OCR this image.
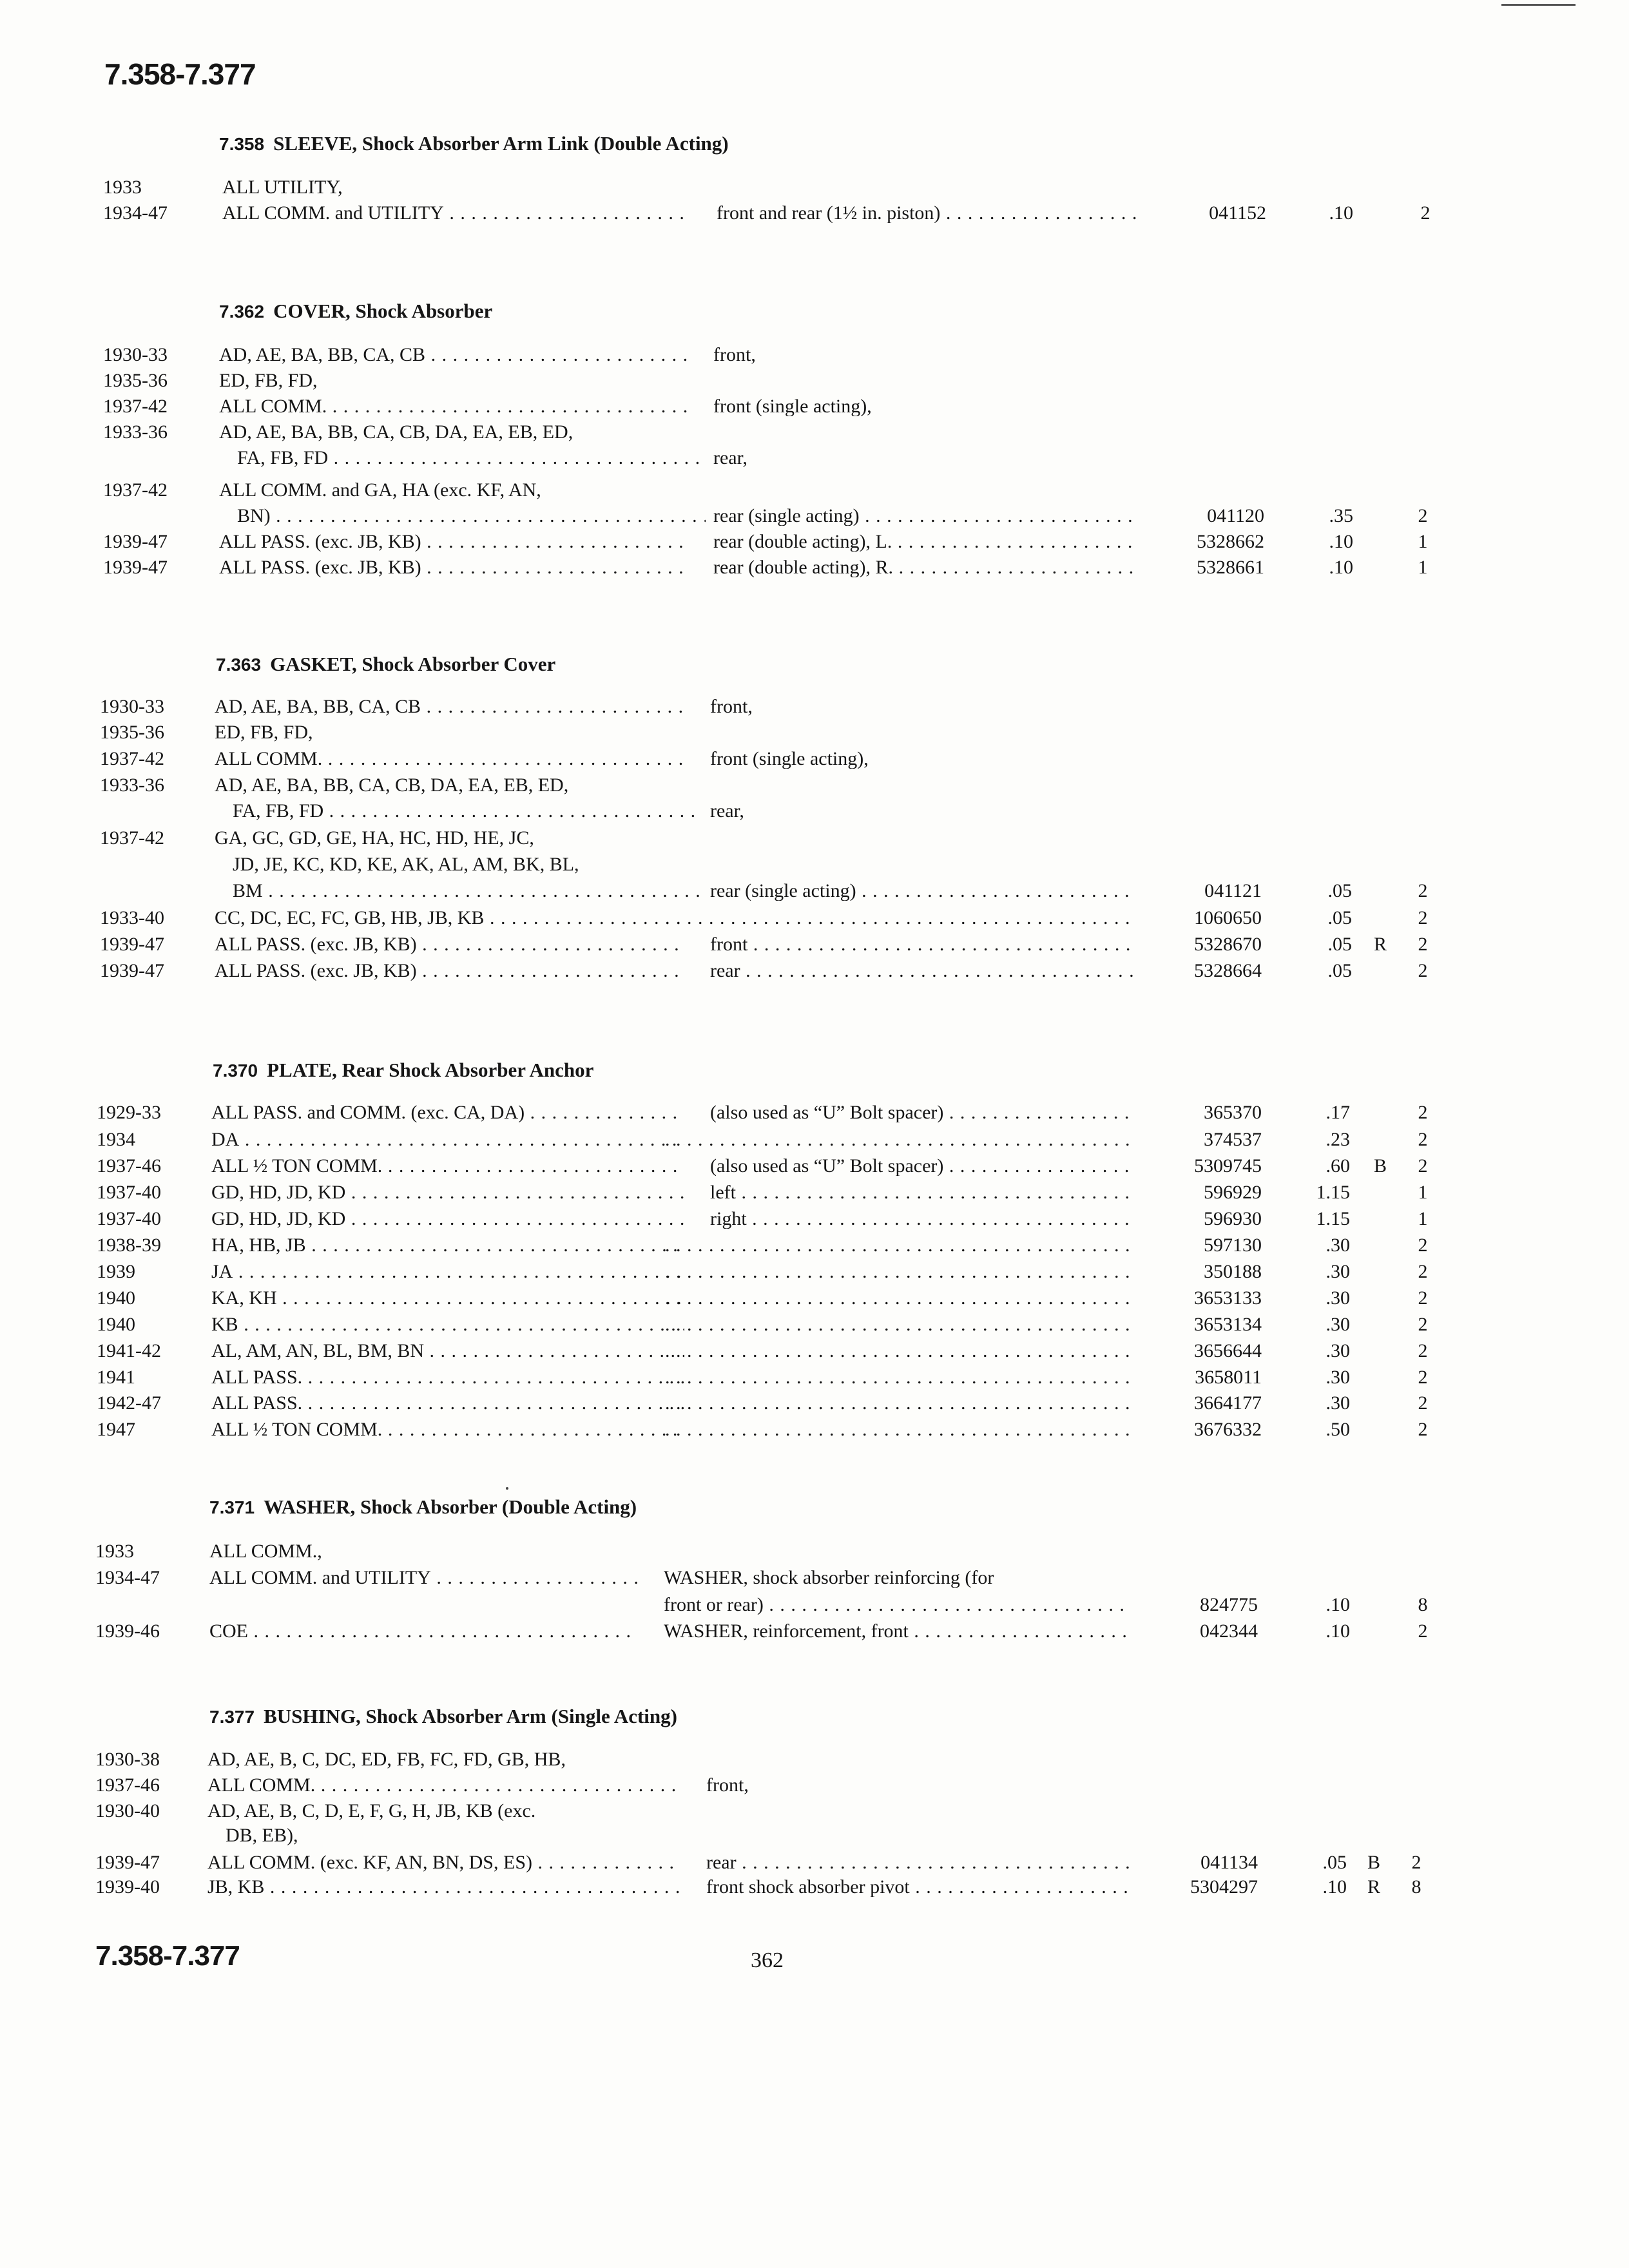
7.358-7.377
7.358 SLEEVE, Shock Absorber Arm Link (Double Acting)
1933	ALL UTILITY,
1934-47	ALL COMM. and UTILITY . . .	front and rear (1½ in. piston) . . .	041152	.10	2
7.362 COVER, Shock Absorber
1930-33	AD, AE, BA, BB, CA, CB . . .	front,
1935-36	ED, FB, FD,
1937-42	ALL COMM. . . .	front (single acting),
1933-36	AD, AE, BA, BB, CA, CB, DA, EA, EB, ED,
FA, FB, FD . . .	rear,
1937-42	ALL COMM. and GA, HA (exc. KF, AN,
BN) . . .	rear (single acting) . . .	041120	.35	2
1939-47	ALL PASS. (exc. JB, KB) . . .	rear (double acting), L. . . .	5328662	.10	1
1939-47	ALL PASS. (exc. JB, KB) . . .	rear (double acting), R. . . .	5328661	.10	1
7.363 GASKET, Shock Absorber Cover
1930-33	AD, AE, BA, BB, CA, CB . . .	front,
1935-36	ED, FB, FD,
1937-42	ALL COMM. . . .	front (single acting),
1933-36	AD, AE, BA, BB, CA, CB, DA, EA, EB, ED,
FA, FB, FD . . .	rear,
1937-42	GA, GC, GD, GE, HA, HC, HD, HE, JC,
JD, JE, KC, KD, KE, AK, AL, AM, BK, BL,
BM . . .	rear (single acting) . . .	041121	.05	2
1933-40	CC, DC, EC, FC, GB, HB, JB, KB . . . . . .	1060650	.05	2
1939-47	ALL PASS. (exc. JB, KB) . . .	front . . .	5328670	.05	R	2
1939-47	ALL PASS. (exc. JB, KB) . . .	rear . . .	5328664	.05	2
7.370 PLATE, Rear Shock Absorber Anchor
1929-33	ALL PASS. and COMM. (exc. CA, DA) . . .	(also used as “U” Bolt spacer) . . .	365370	.17	2
1934	DA . . . . . .	374537	.23	2
1937-46	ALL ½ TON COMM. . . .	(also used as “U” Bolt spacer) . . .	5309745	.60	B	2
1937-40	GD, HD, JD, KD . . .	left . . .	596929	1.15	1
1937-40	GD, HD, JD, KD . . .	right . . .	596930	1.15	1
1938-39	HA, HB, JB . . . . . .	597130	.30	2
1939	JA . . . . . .	350188	.30	2
1940	KA, KH . . . . . .	3653133	.30	2
1940	KB . . . . . .	3653134	.30	2
1941-42	AL, AM, AN, BL, BM, BN . . . . . .	3656644	.30	2
1941	ALL PASS. . . . . . .	3658011	.30	2
1942-47	ALL PASS. . . . . . .	3664177	.30	2
1947	ALL ½ TON COMM. . . . . . .	3676332	.50	2
7.371 WASHER, Shock Absorber (Double Acting)
1933	ALL COMM.,
1934-47	ALL COMM. and UTILITY . . .	WASHER, shock absorber reinforcing (for
front or rear) . . .	824775	.10	8
1939-46	COE . . .	WASHER, reinforcement, front . . .	042344	.10	2
7.377 BUSHING, Shock Absorber Arm (Single Acting)
1930-38 AD, AE, B, C, DC, ED, FB, FC, FD, GB, HB,
1937-46 ALL COMM. . . .	front,
1930-40 AD, AE, B, C, D, E, F, G, H, JB, KB (exc.
DB, EB),
1939-47 ALL COMM. (exc. KF, AN, BN, DS, ES) . . .	rear . . .	041134	.05	B	2
1939-40 JB, KB . . .	front shock absorber pivot . . .	5304297	.10	R	8
7.358-7.377	362
